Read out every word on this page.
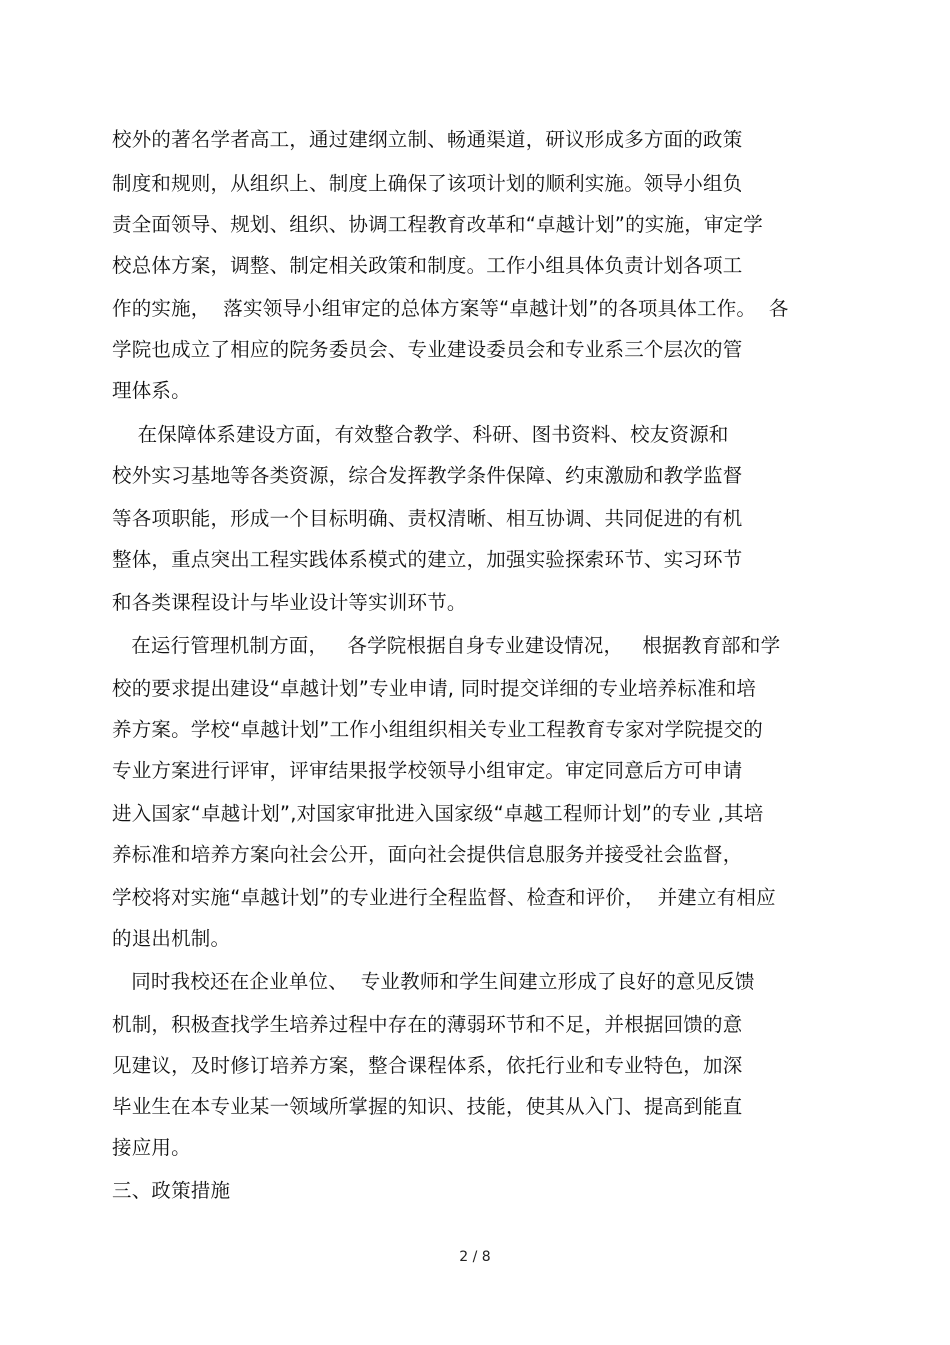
校外的著名学者高工，通过建纲立制、畅通渠道，研议形成多方面的政策
制度和规则，从组织上、制度上确保了该项计划的顺利实施。领导小组负
责全面领导、规划、组织、协调工程教育改革和“卓越计划”的实施，审定学
校总体方案，调整、制定相关政策和制度。工作小组具体负责计划各项工
作的实施，  落实领导小组审定的总体方案等“卓越计划”的各项具体工作。  各
学院也成立了相应的院务委员会、专业建设委员会和专业系三个层次的管
理体系。
在保障体系建设方面，有效整合教学、科研、图书资料、校友资源和
校外实习基地等各类资源，综合发挥教学条件保障、约束激励和教学监督
等各项职能，形成一个目标明确、责权清晰、相互协调、共同促进的有机
整体，重点突出工程实践体系模式的建立，加强实验探索环节、实习环节
和各类课程设计与毕业设计等实训环节。
在运行管理机制方面，   各学院根据自身专业建设情况，   根据教育部和学
校的要求提出建设“卓越计划”专业申请, 同时提交详细的专业培养标准和培
养方案。学校“卓越计划”工作小组组织相关专业工程教育专家对学院提交的
专业方案进行评审，评审结果报学校领导小组审定。审定同意后方可申请
进入国家“卓越计划”,对国家审批进入国家级“卓越工程师计划”的专业 ,其培
养标准和培养方案向社会公开，面向社会提供信息服务并接受社会监督，
学校将对实施“卓越计划”的专业进行全程监督、检查和评价，  并建立有相应
的退出机制。
同时我校还在企业单位、  专业教师和学生间建立形成了良好的意见反馈
机制，积极查找学生培养过程中存在的薄弱环节和不足，并根据回馈的意
见建议，及时修订培养方案，整合课程体系，依托行业和专业特色，加深
毕业生在本专业某一领域所掌握的知识、技能，使其从入门、提高到能直
接应用。
三、政策措施
2 / 8
